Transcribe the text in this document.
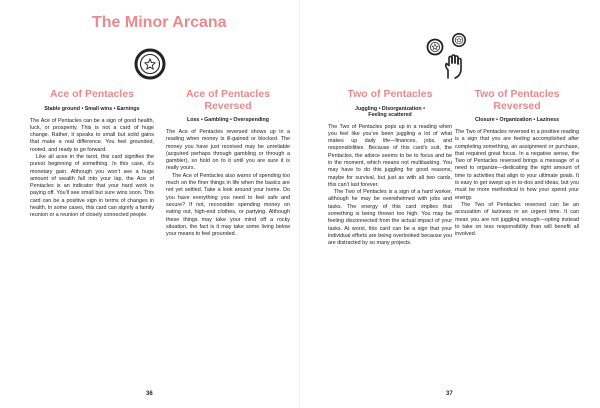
The Minor Arcana
Ace of Pentacles
Stable ground • Small wins • Earnings

The Ace of Pentacles can be a sign of good health, luck, or prosperity. This is not a card of huge change. Rather, it speaks to small but solid gains that make a real difference. You feel grounded, rooted, and ready to go forward.

Like all aces in the tarot, this card signifies the purest beginning of something. In this case, it’s monetary gain. Although you won’t see a huge amount of wealth fall into your lap, the Ace of Pentacles is an indicator that your hard work is paying off. You’ll see small but sure wins soon. This card can be a positive sign in terms of changes in health. In some cases, this card can signify a family reunion or a reunion of closely connected people.

Ace of Pentacles
Reversed
Loss • Gambling • Overspending

The Ace of Pentacles reversed shows up in a reading when money is ill-gained or blocked. The money you have just received may be unreliable (acquired perhaps through gambling or through a gambler), so hold on to it until you are sure it is really yours.

The Ace of Pentacles also warns of spending too much on the finer things in life when the basics are not yet settled. Take a look around your home. Do you have everything you need to feel safe and secure? If not, reconsider spending money on eating out, high-end clothes, or partying. Although these things may take your mind off a rocky situation, the fact is it may take some living below your means to feel grounded.

36
Two of Pentacles
Juggling • Disorganization •
Feeling scattered

The Two of Pentacles pops up in a reading when you feel like you’ve been juggling a lot of what makes up daily life—finances, jobs, and responsibilities. Because of this card’s suit, the Pentacles, the advice seems to be to focus and be in the moment, which means not multitasking. You may have to do this juggling for good reasons, maybe for survival, but just as with all two cards, this can’t last forever.

The Two of Pentacles is a sign of a hard worker, although he may be overwhelmed with jobs and tasks. The energy of this card implies that something is being thrown too high. You may be feeling disconnected from the actual impact of your tasks. At worst, this card can be a sign that your individual efforts are being overlooked because you are distracted by so many projects.

Two of Pentacles
Reversed
Closure • Organization • Laziness

The Two of Pentacles reversed in a positive reading is a sign that you are feeling accomplished after completing something, an assignment or purchase, that required great focus. In a negative sense, the Two of Pentacles reversed brings a message of a need to organize—dedicating the right amount of time to activities that align to your ultimate goals. It is easy to get swept up in to-dos and ideas, but you must be more methodical in how your spend your energy.

The Two of Pentacles reversed can be an accusation of laziness in an urgent time. It can mean you are not juggling enough—opting instead to take on less responsibility than will benefit all involved.

37
